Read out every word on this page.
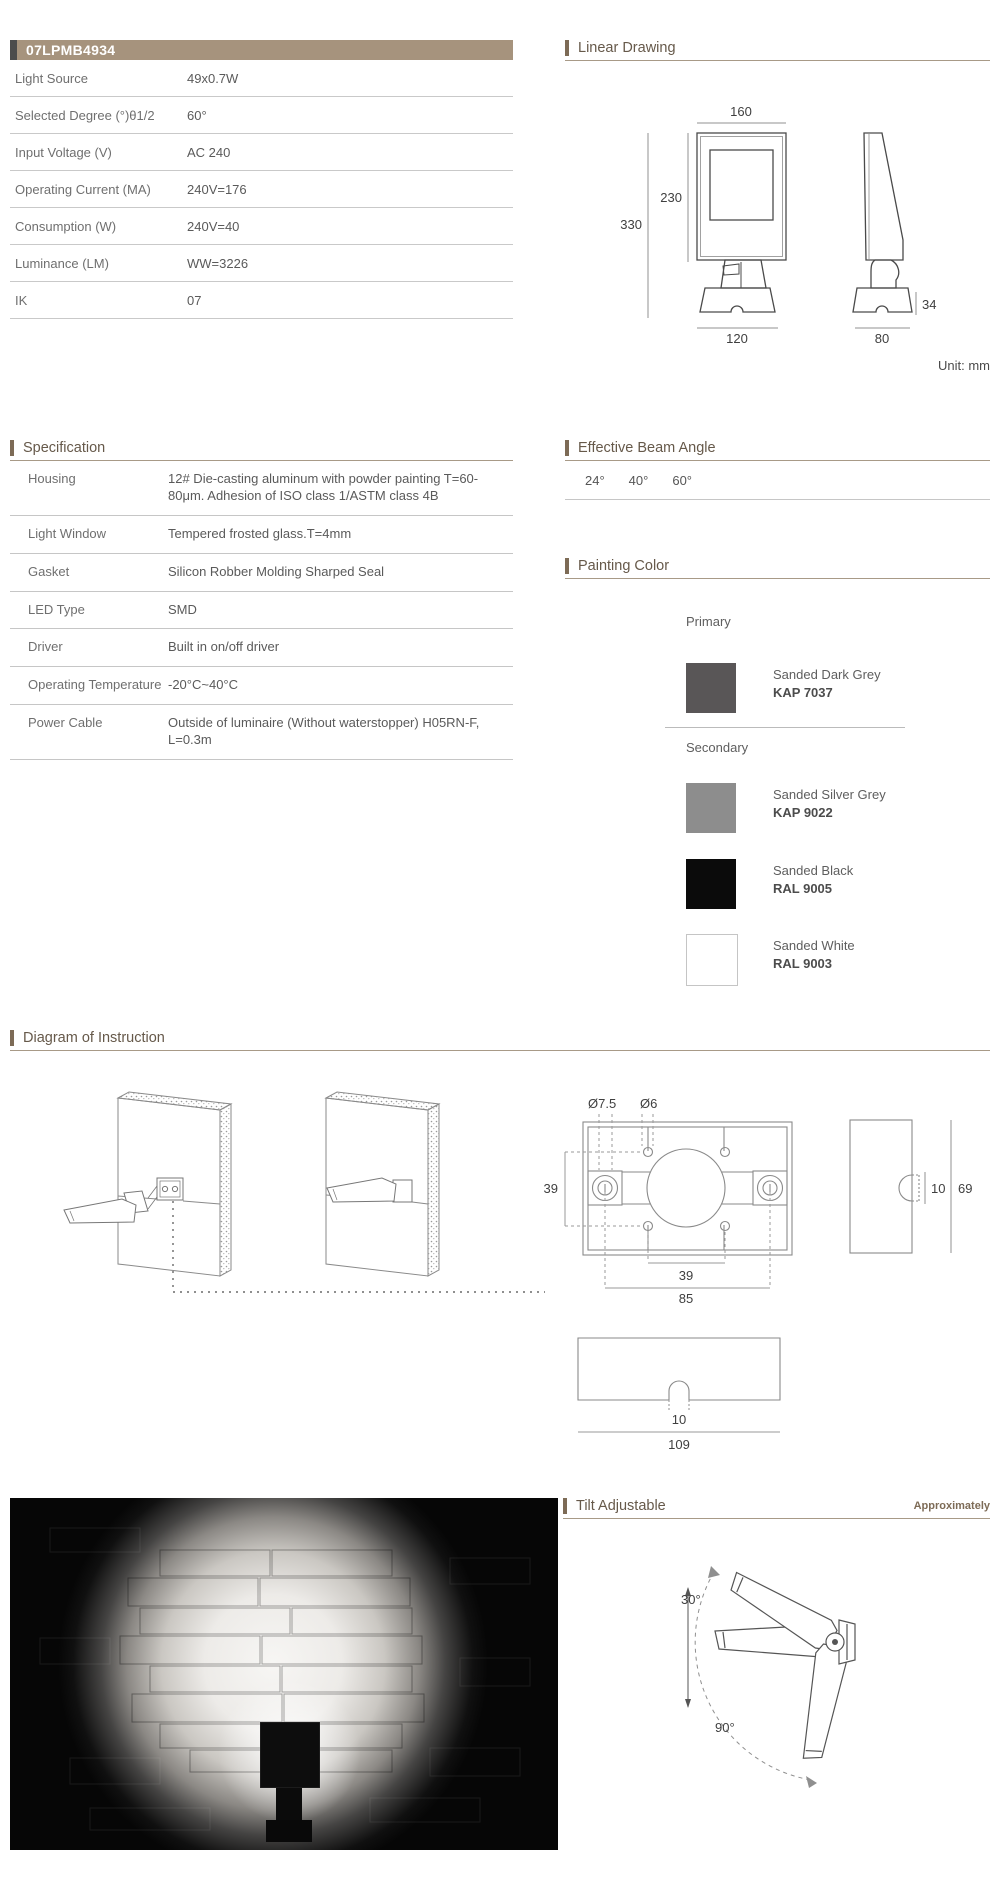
07LPMB4934
Light Source	49x0.7W
Selected Degree (°)θ1/2	60°
Input Voltage (V)	AC 240
Operating Current (MA)	240V=176
Consumption (W)	240V=40
Luminance (LM)	WW=3226
IK	07
Linear Drawing
160
230
330
120	80
34
Unit: mm
Specification
Housing	12# Die-casting aluminum with powder painting T=60-80μm. Adhesion of ISO class 1/ASTM class 4B
Light Window	Tempered frosted glass.T=4mm
Gasket	Silicon Robber Molding Sharped Seal
LED Type	SMD
Driver	Built in on/off driver
Operating Temperature -20°C~40°C
Power Cable	Outside of luminaire (Without waterstopper) H05RN-F, L=0.3m
Effective Beam Angle
24° 40° 60°
Painting Color
Primary
Sanded Dark Grey
KAP 7037
Secondary
Sanded Silver Grey
KAP 9022
Sanded Black
RAL 9005
Sanded White
RAL 9003
Diagram of Instruction
Ø7.5 Ø6
39
39
85
10 69
10
109
Tilt Adjustable	Approximately
30°
90°
